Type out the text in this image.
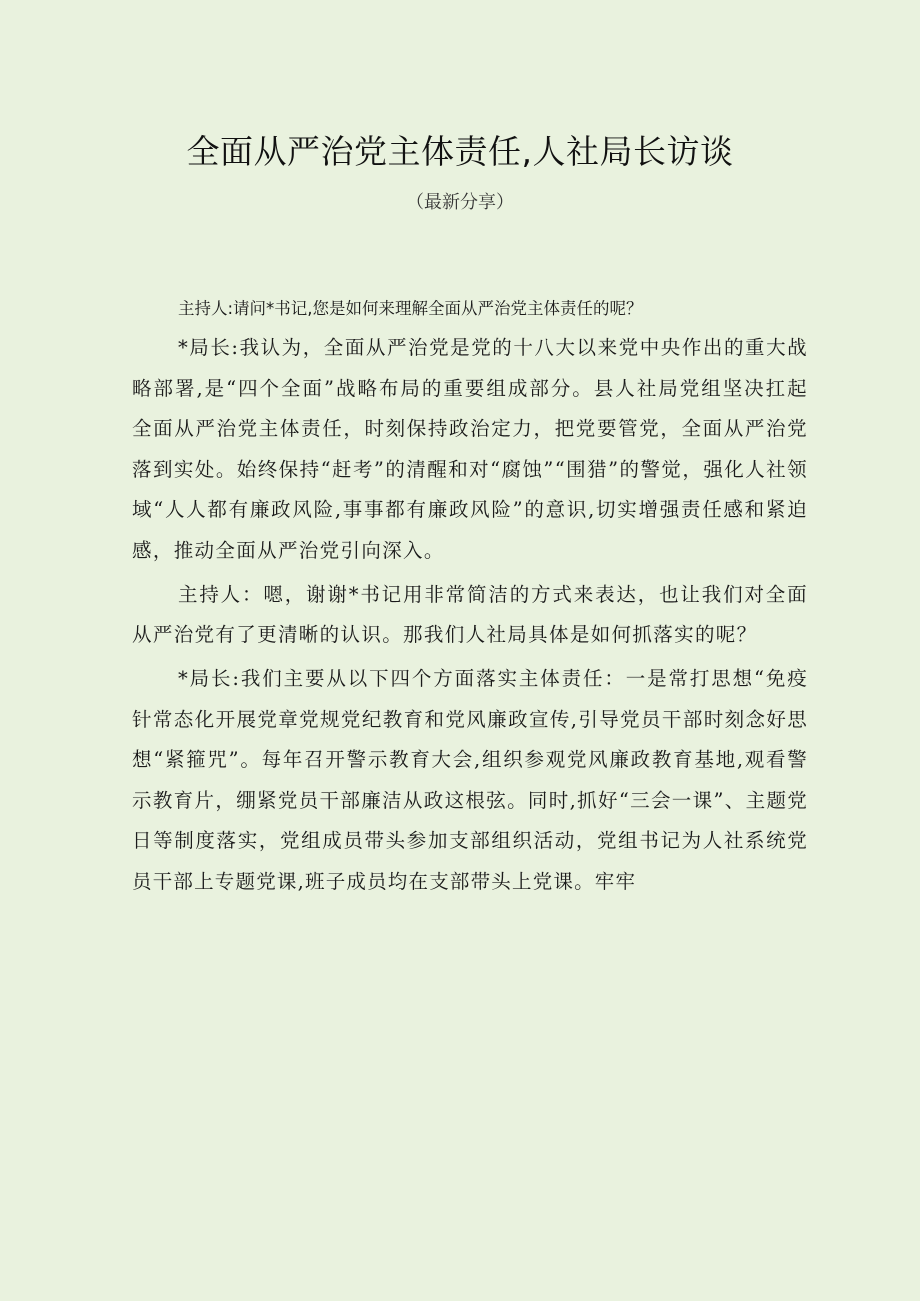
全面从严治党主体责任,人社局长访谈
（最新分享）

主持人:请问*书记,您是如何来理解全面从严治党主体责任的呢？

*局长:我认为，全面从严治党是党的十八大以来党中央作出的重大战略部署,是“四个全面”战略布局的重要组成部分。县人社局党组坚决扛起全面从严治党主体责任，时刻保持政治定力，把党要管党，全面从严治党落到实处。始终保持“赶考”的清醒和对“腐蚀”“围猎”的警觉，强化人社领域“人人都有廉政风险,事事都有廉政风险”的意识,切实增强责任感和紧迫感，推动全面从严治党引向深入。

主持人：嗯，谢谢*书记用非常简洁的方式来表达，也让我们对全面从严治党有了更清晰的认识。那我们人社局具体是如何抓落实的呢？

*局长:我们主要从以下四个方面落实主体责任：一是常打思想“免疫针常态化开展党章党规党纪教育和党风廉政宣传,引导党员干部时刻念好思想“紧箍咒”。每年召开警示教育大会,组织参观党风廉政教育基地,观看警示教育片，绷紧党员干部廉洁从政这根弦。同时,抓好“三会一课”、主题党日等制度落实，党组成员带头参加支部组织活动，党组书记为人社系统党员干部上专题党课,班子成员均在支部带头上党课。牢牢
